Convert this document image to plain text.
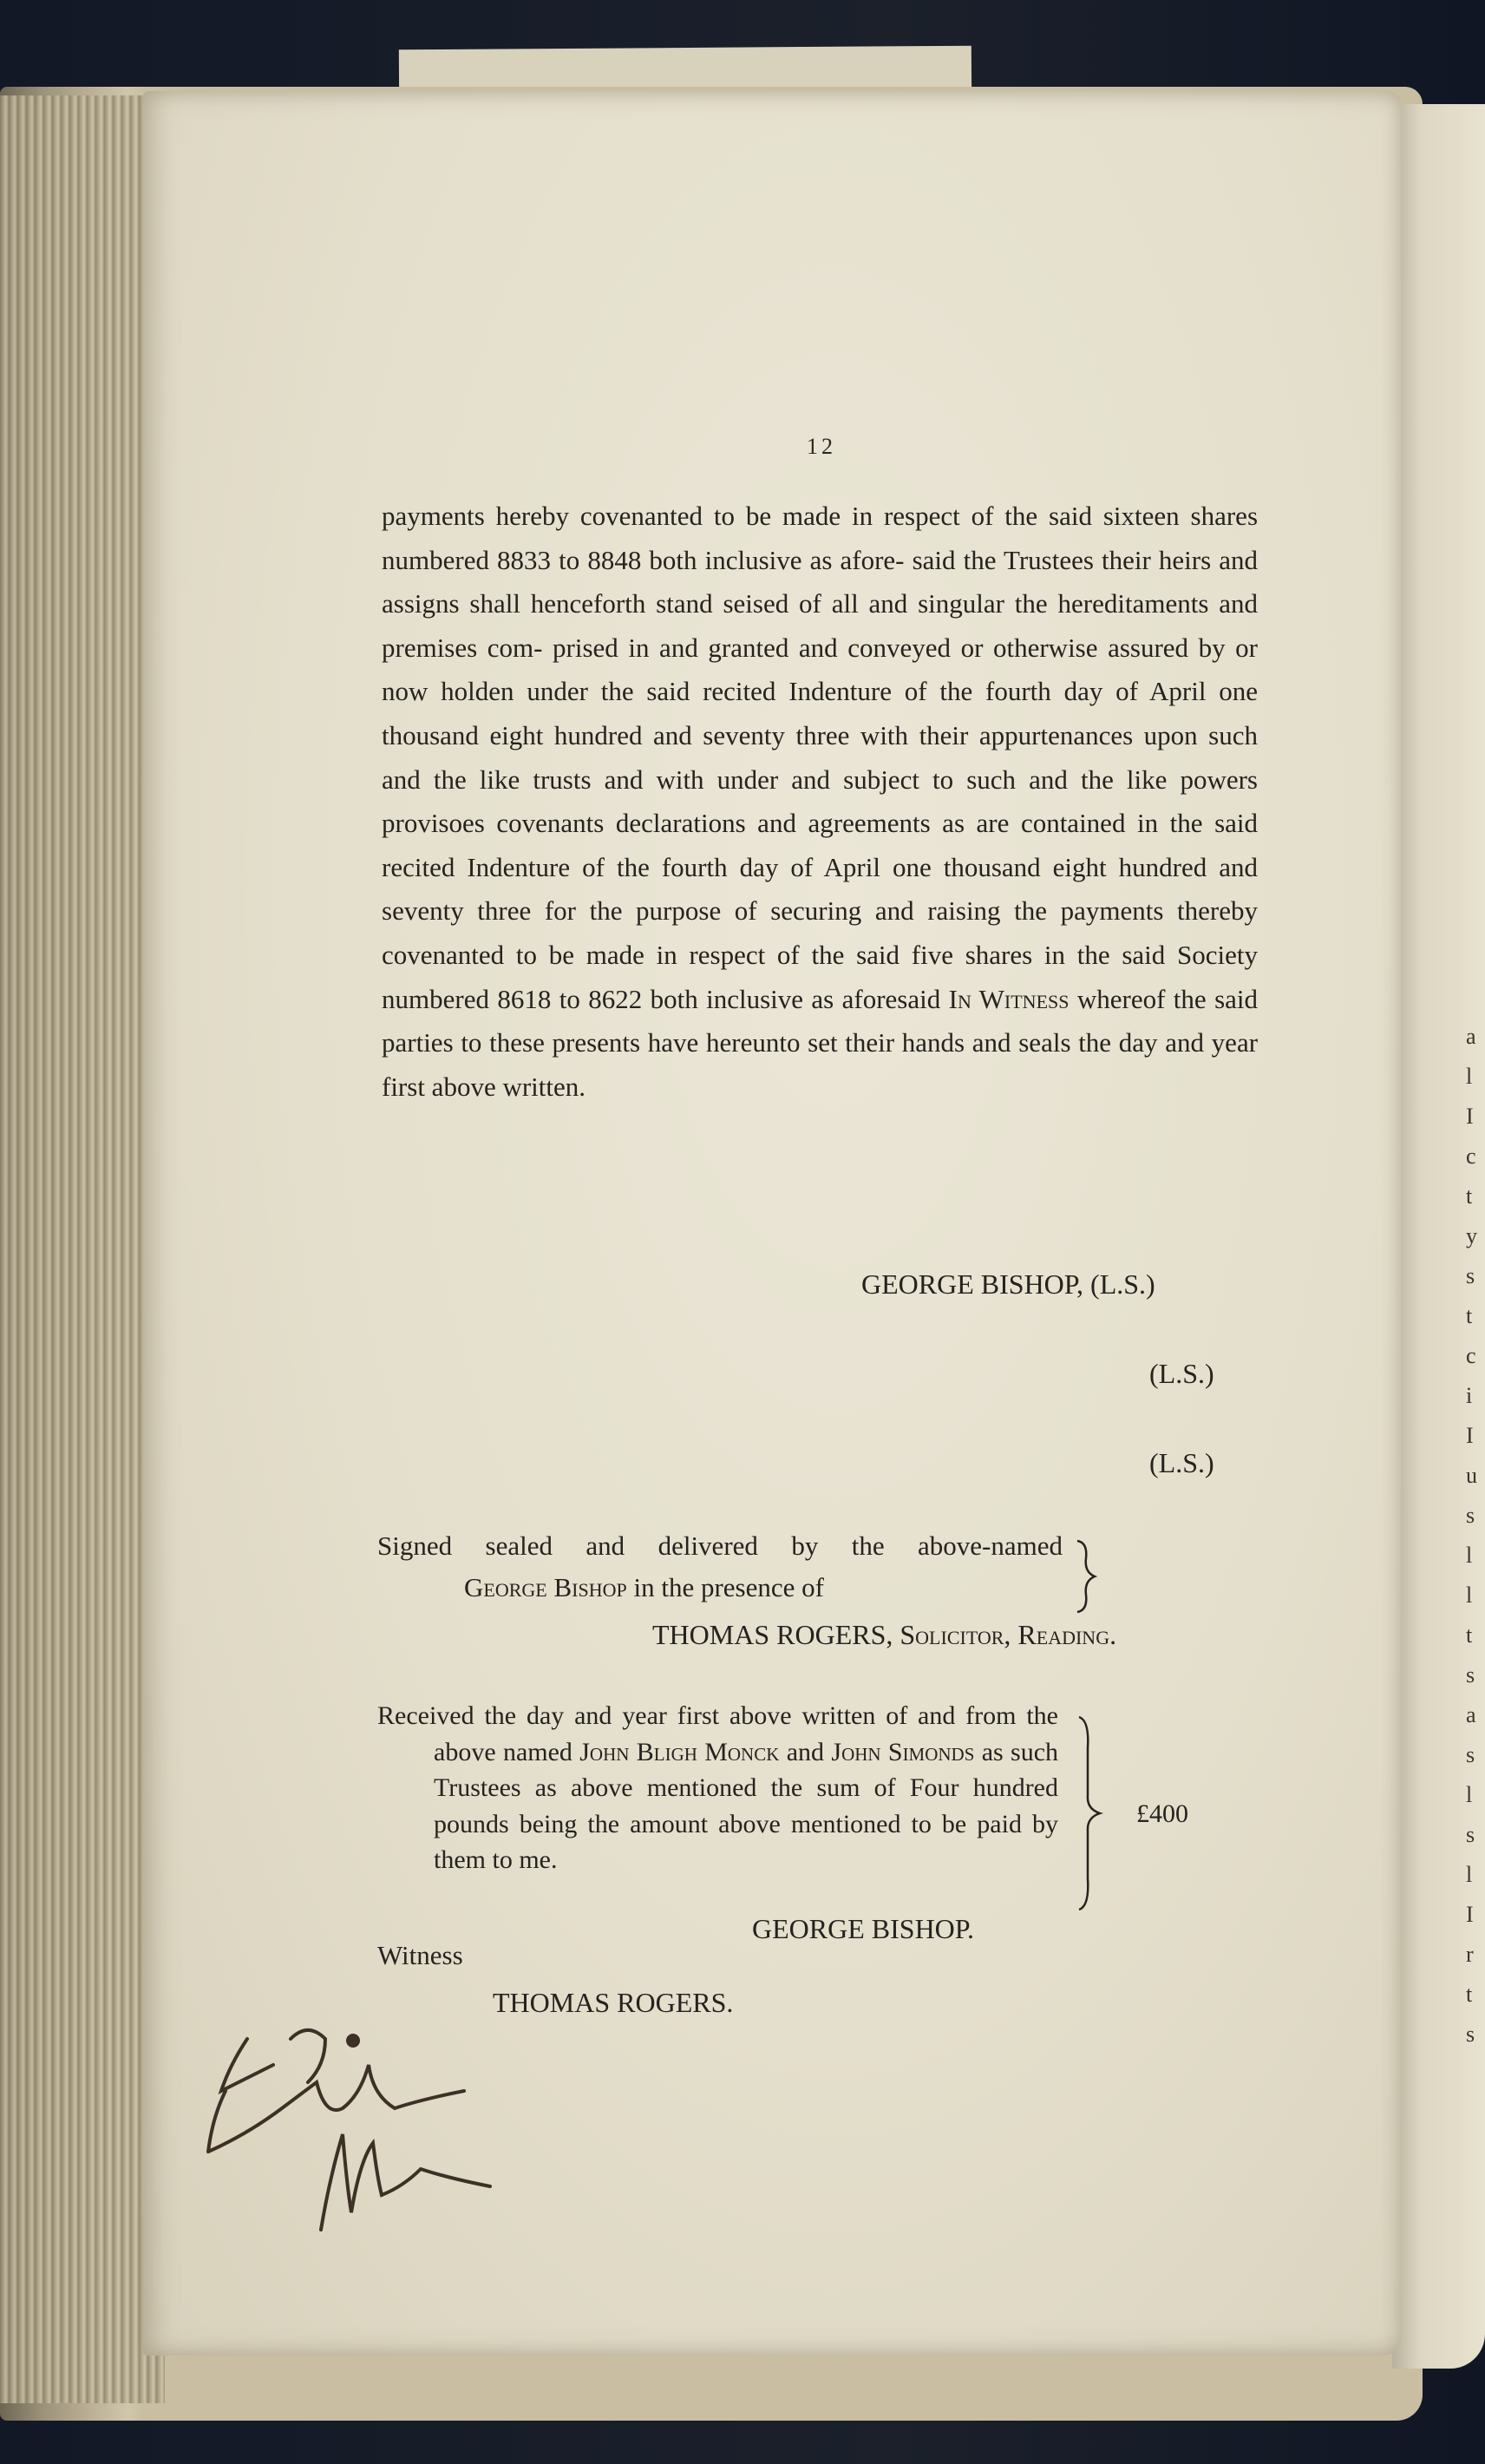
a
l
I
c
t
y
s
t
c
i
I
u
s
l
l
t
s
a
s
l
s
l
I
r
t
s
12

payments hereby covenanted to be made in respect of the said sixteen shares numbered 8833 to 8848 both inclusive as afore- said the Trustees their heirs and assigns shall henceforth stand seised of all and singular the hereditaments and premises com- prised in and granted and conveyed or otherwise assured by or now holden under the said recited Indenture of the fourth day of April one thousand eight hundred and seventy three with their appurtenances upon such and the like trusts and with under and subject to such and the like powers provisoes covenants declarations and agreements as are contained in the said recited Indenture of the fourth day of April one thousand eight hundred and seventy three for the purpose of securing and raising the payments thereby covenanted to be made in respect of the said five shares in the said Society numbered 8618 to 8622 both inclusive as aforesaid In Witness whereof the said parties to these presents have hereunto set their hands and seals the day and year first above written.

GEORGE BISHOP, (L.S.)
(L.S.)
(L.S.)
Signed sealed and delivered by the above-named
George Bishop in the presence of
THOMAS ROGERS, Solicitor, Reading.
Received the day and year first above written of and from the above named John Bligh Monck and John Simonds as such Trustees as above mentioned the sum of Four hundred pounds being the amount above mentioned to be paid by them to me.
£400
GEORGE BISHOP.
Witness
THOMAS ROGERS.
